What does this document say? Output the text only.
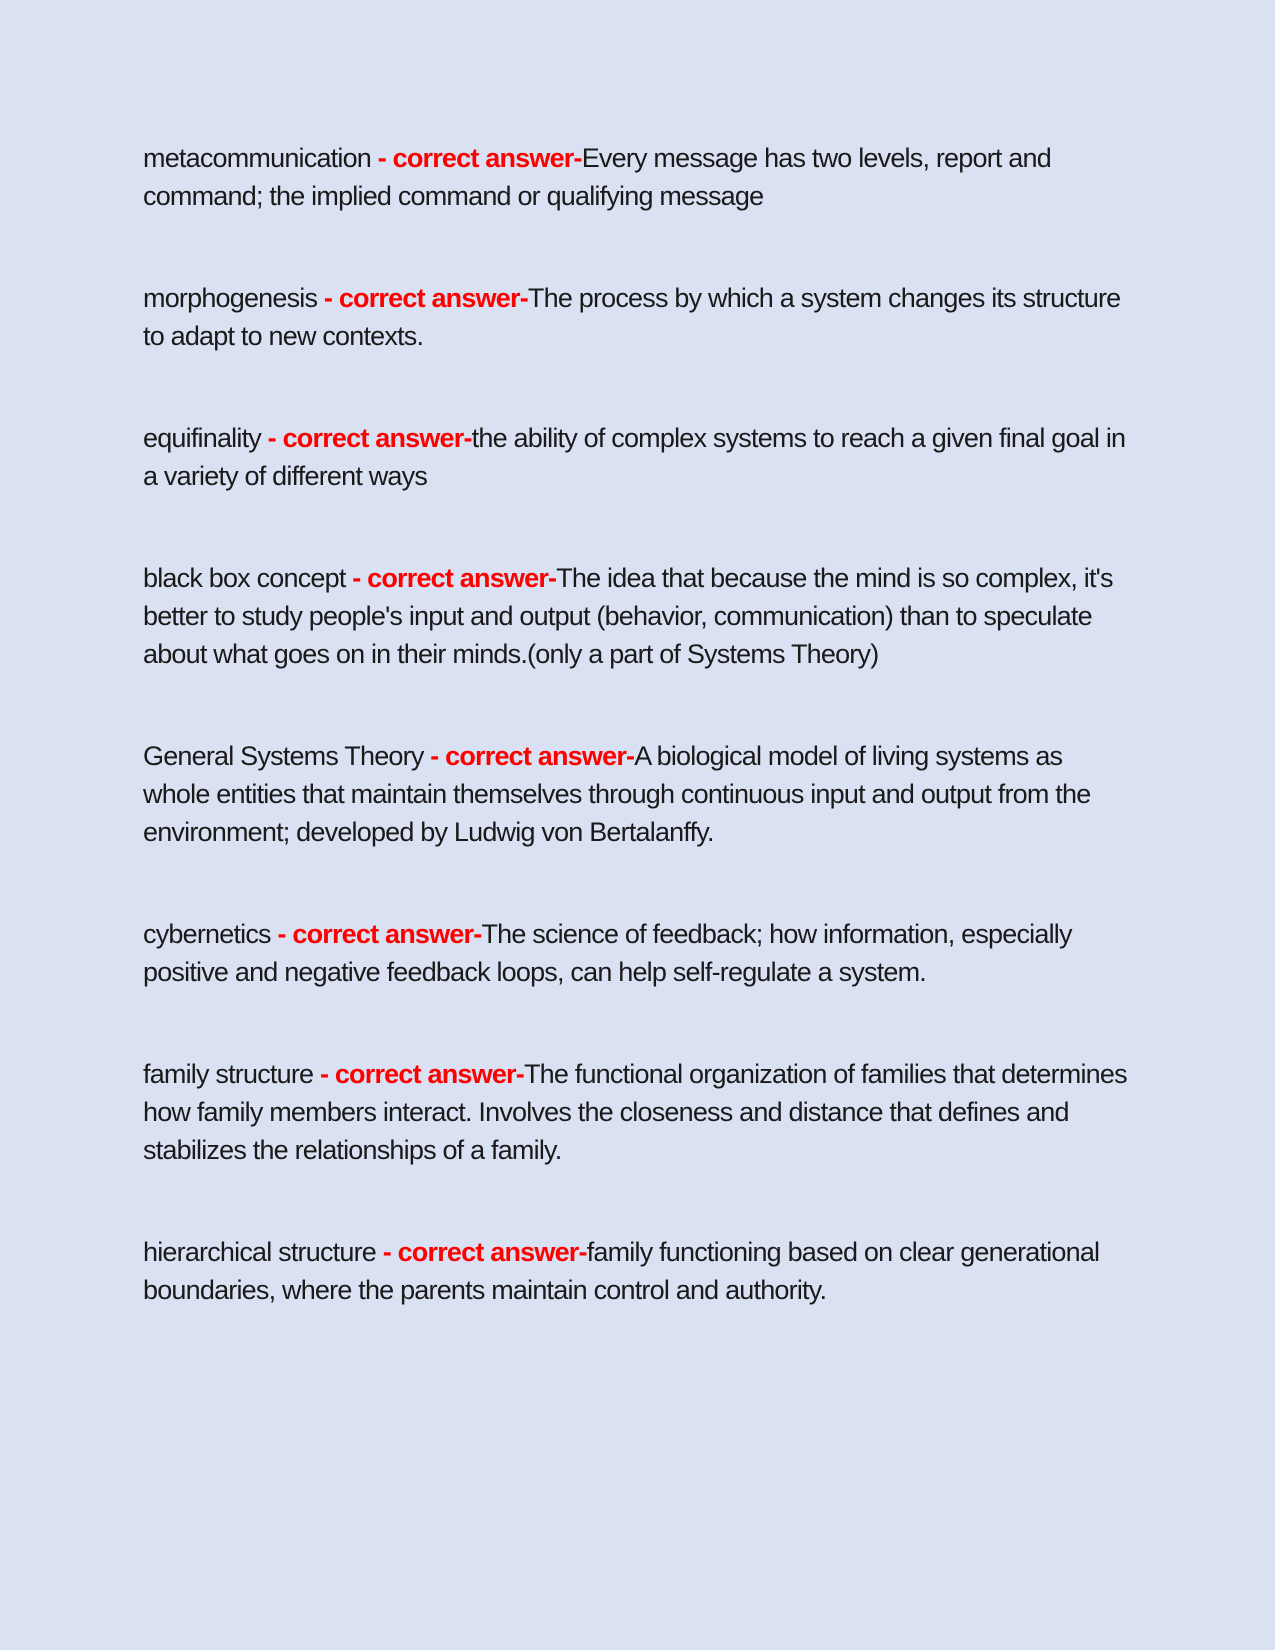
metacommunication - correct answer-Every message has two levels, report and command; the implied command or qualifying message

morphogenesis - correct answer-The process by which a system changes its structure to adapt to new contexts.

equifinality - correct answer-the ability of complex systems to reach a given final goal in a variety of different ways

black box concept - correct answer-The idea that because the mind is so complex, it's better to study people's input and output (behavior, communication) than to speculate about what goes on in their minds.(only a part of Systems Theory)

General Systems Theory - correct answer-A biological model of living systems as whole entities that maintain themselves through continuous input and output from the environment; developed by Ludwig von Bertalanffy.

cybernetics - correct answer-The science of feedback; how information, especially positive and negative feedback loops, can help self-regulate a system.

family structure - correct answer-The functional organization of families that determines how family members interact. Involves the closeness and distance that defines and stabilizes the relationships of a family.

hierarchical structure - correct answer-family functioning based on clear generational boundaries, where the parents maintain control and authority.
